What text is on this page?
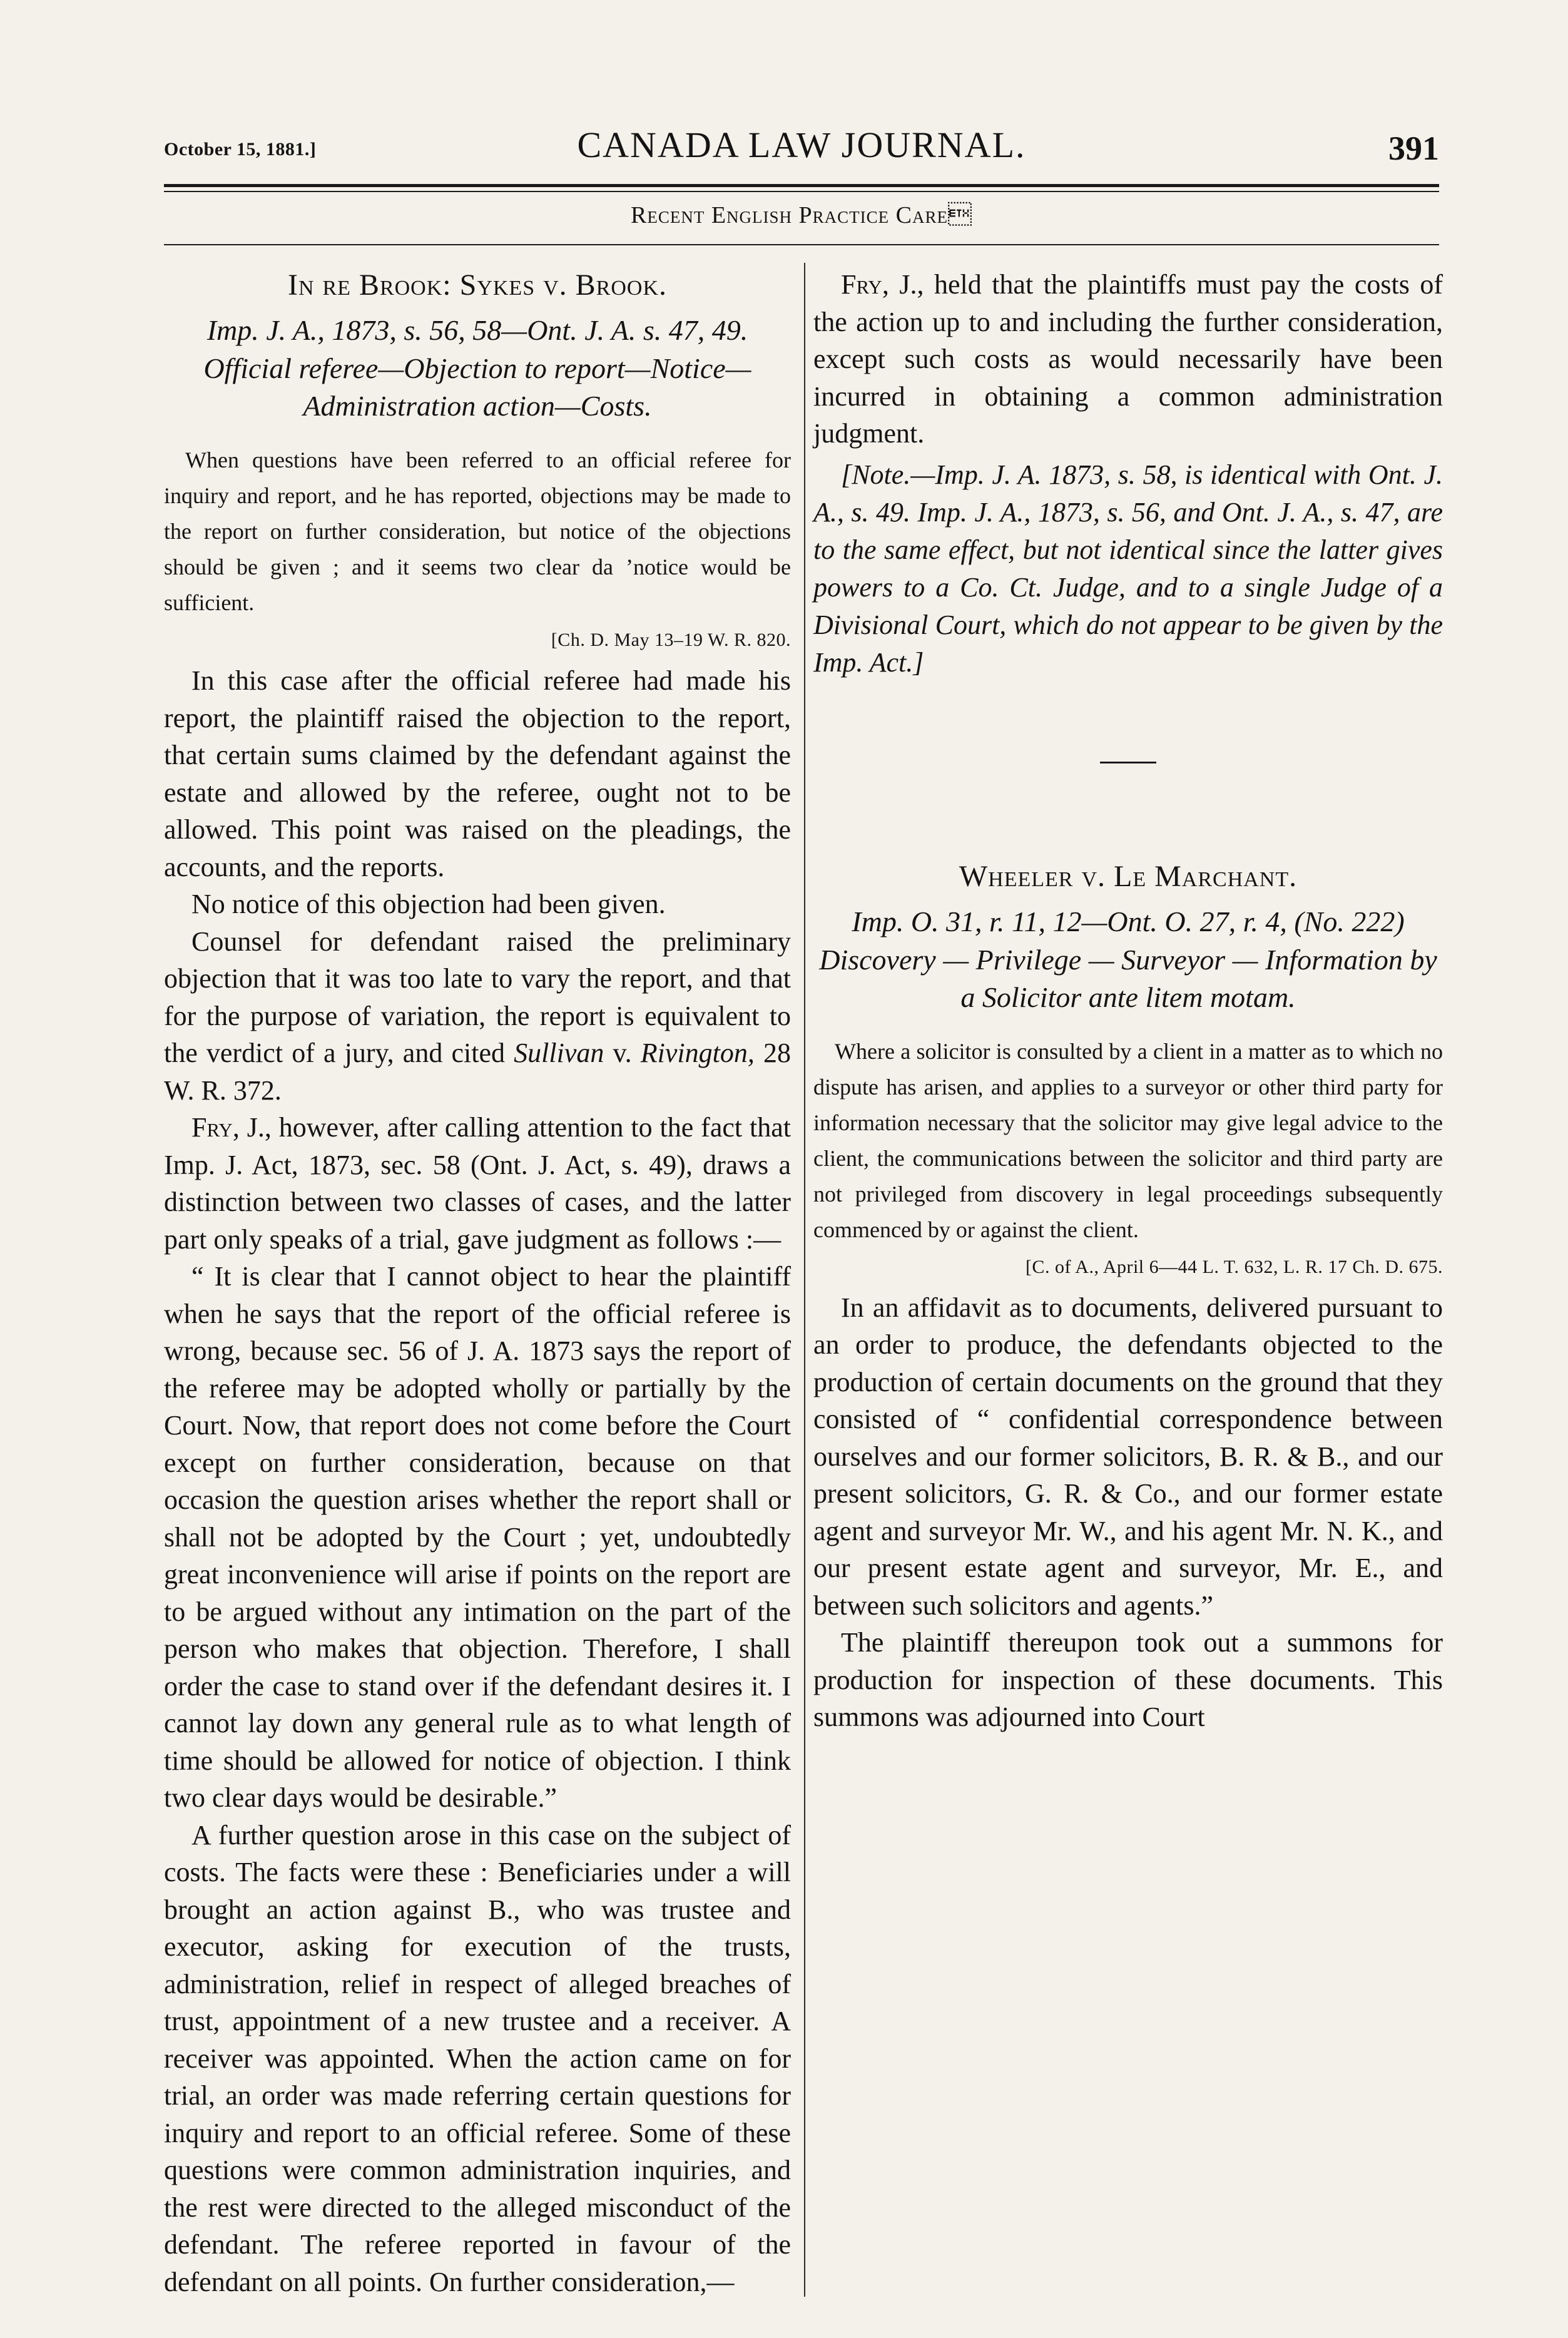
October 15, 1881.]	CANADA LAW JOURNAL.	391
Recent English Practice Care
In re Brook: Sykes v. Brook.

Imp. J. A., 1873, s. 56, 58—Ont. J. A. s. 47, 49.

Official referee—Objection to report—Notice— Administration action—Costs.

When questions have been referred to an official referee for inquiry and report, and he has reported, objections may be made to the report on further consideration, but notice of the objections should be given ; and it seems two clear da ’notice would be sufficient.

[Ch. D. May 13–19 W. R. 820.

In this case after the official referee had made his report, the plaintiff raised the objection to the report, that certain sums claimed by the defendant against the estate and allowed by the referee, ought not to be allowed. This point was raised on the pleadings, the accounts, and the reports.

No notice of this objection had been given.

Counsel for defendant raised the preliminary objection that it was too late to vary the report, and that for the purpose of variation, the report is equivalent to the verdict of a jury, and cited Sullivan v. Rivington, 28 W. R. 372.

Fry, J., however, after calling attention to the fact that Imp. J. Act, 1873, sec. 58 (Ont. J. Act, s. 49), draws a distinction between two classes of cases, and the latter part only speaks of a trial, gave judgment as follows :—

“ It is clear that I cannot object to hear the plaintiff when he says that the report of the official referee is wrong, because sec. 56 of J. A. 1873 says the report of the referee may be adopted wholly or partially by the Court. Now, that report does not come before the Court except on further consideration, because on that occasion the question arises whether the report shall or shall not be adopted by the Court ; yet, undoubtedly great inconvenience will arise if points on the report are to be argued without any intimation on the part of the person who makes that objection. Therefore, I shall order the case to stand over if the defendant desires it. I cannot lay down any general rule as to what length of time should be allowed for notice of objection. I think two clear days would be desirable.”

A further question arose in this case on the subject of costs. The facts were these : Beneficiaries under a will brought an action against B., who was trustee and executor, asking for execution of the trusts, administration, relief in respect of alleged breaches of trust, appointment of a new trustee and a receiver. A receiver was appointed. When the action came on for trial, an order was made referring certain questions for inquiry and report to an official referee. Some of these questions were common administration inquiries, and the rest were directed to the alleged misconduct of the defendant. The referee reported in favour of the defendant on all points. On further consideration,—

Fry, J., held that the plaintiffs must pay the costs of the action up to and including the further consideration, except such costs as would necessarily have been incurred in obtaining a common administration judgment.

[Note.—Imp. J. A. 1873, s. 58, is identical with Ont. J. A., s. 49. Imp. J. A., 1873, s. 56, and Ont. J. A., s. 47, are to the same effect, but not identical since the latter gives powers to a Co. Ct. Judge, and to a single Judge of a Divisional Court, which do not appear to be given by the Imp. Act.]

Wheeler v. Le Marchant.

Imp. O. 31, r. 11, 12—Ont. O. 27, r. 4, (No. 222)

Discovery — Privilege — Surveyor — Information by a Solicitor ante litem motam.

Where a solicitor is consulted by a client in a matter as to which no dispute has arisen, and applies to a surveyor or other third party for information necessary that the solicitor may give legal advice to the client, the communications between the solicitor and third party are not privileged from discovery in legal proceedings subsequently commenced by or against the client.

[C. of A., April 6—44 L. T. 632, L. R. 17 Ch. D. 675.

In an affidavit as to documents, delivered pursuant to an order to produce, the defendants objected to the production of certain documents on the ground that they consisted of “ confidential correspondence between ourselves and our former solicitors, B. R. & B., and our present solicitors, G. R. & Co., and our former estate agent and surveyor Mr. W., and his agent Mr. N. K., and our present estate agent and surveyor, Mr. E., and between such solicitors and agents.”

The plaintiff thereupon took out a summons for production for inspection of these documents. This summons was adjourned into Court
